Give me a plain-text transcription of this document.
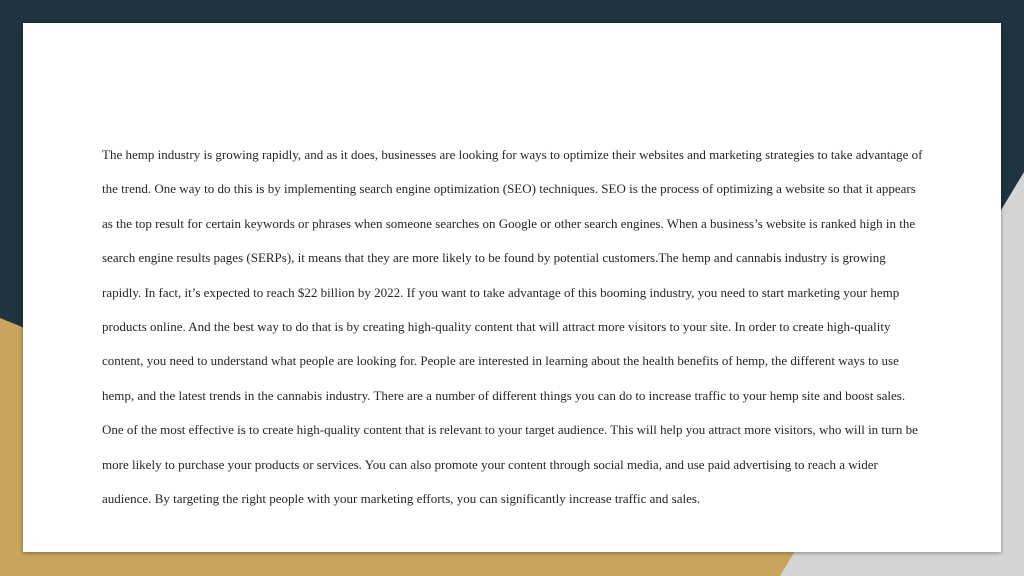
The hemp industry is growing rapidly, and as it does, businesses are looking for ways to optimize their websites and marketing strategies to take advantage of the trend. One way to do this is by implementing search engine optimization (SEO) techniques. SEO is the process of optimizing a website so that it appears as the top result for certain keywords or phrases when someone searches on Google or other search engines. When a business’s website is ranked high in the search engine results pages (SERPs), it means that they are more likely to be found by potential customers.The hemp and cannabis industry is growing rapidly. In fact, it’s expected to reach $22 billion by 2022. If you want to take advantage of this booming industry, you need to start marketing your hemp products online. And the best way to do that is by creating high-quality content that will attract more visitors to your site. In order to create high-quality content, you need to understand what people are looking for. People are interested in learning about the health benefits of hemp, the different ways to use hemp, and the latest trends in the cannabis industry. There are a number of different things you can do to increase traffic to your hemp site and boost sales. One of the most effective is to create high-quality content that is relevant to your target audience. This will help you attract more visitors, who will in turn be more likely to purchase your products or services. You can also promote your content through social media, and use paid advertising to reach a wider audience. By targeting the right people with your marketing efforts, you can significantly increase traffic and sales.
